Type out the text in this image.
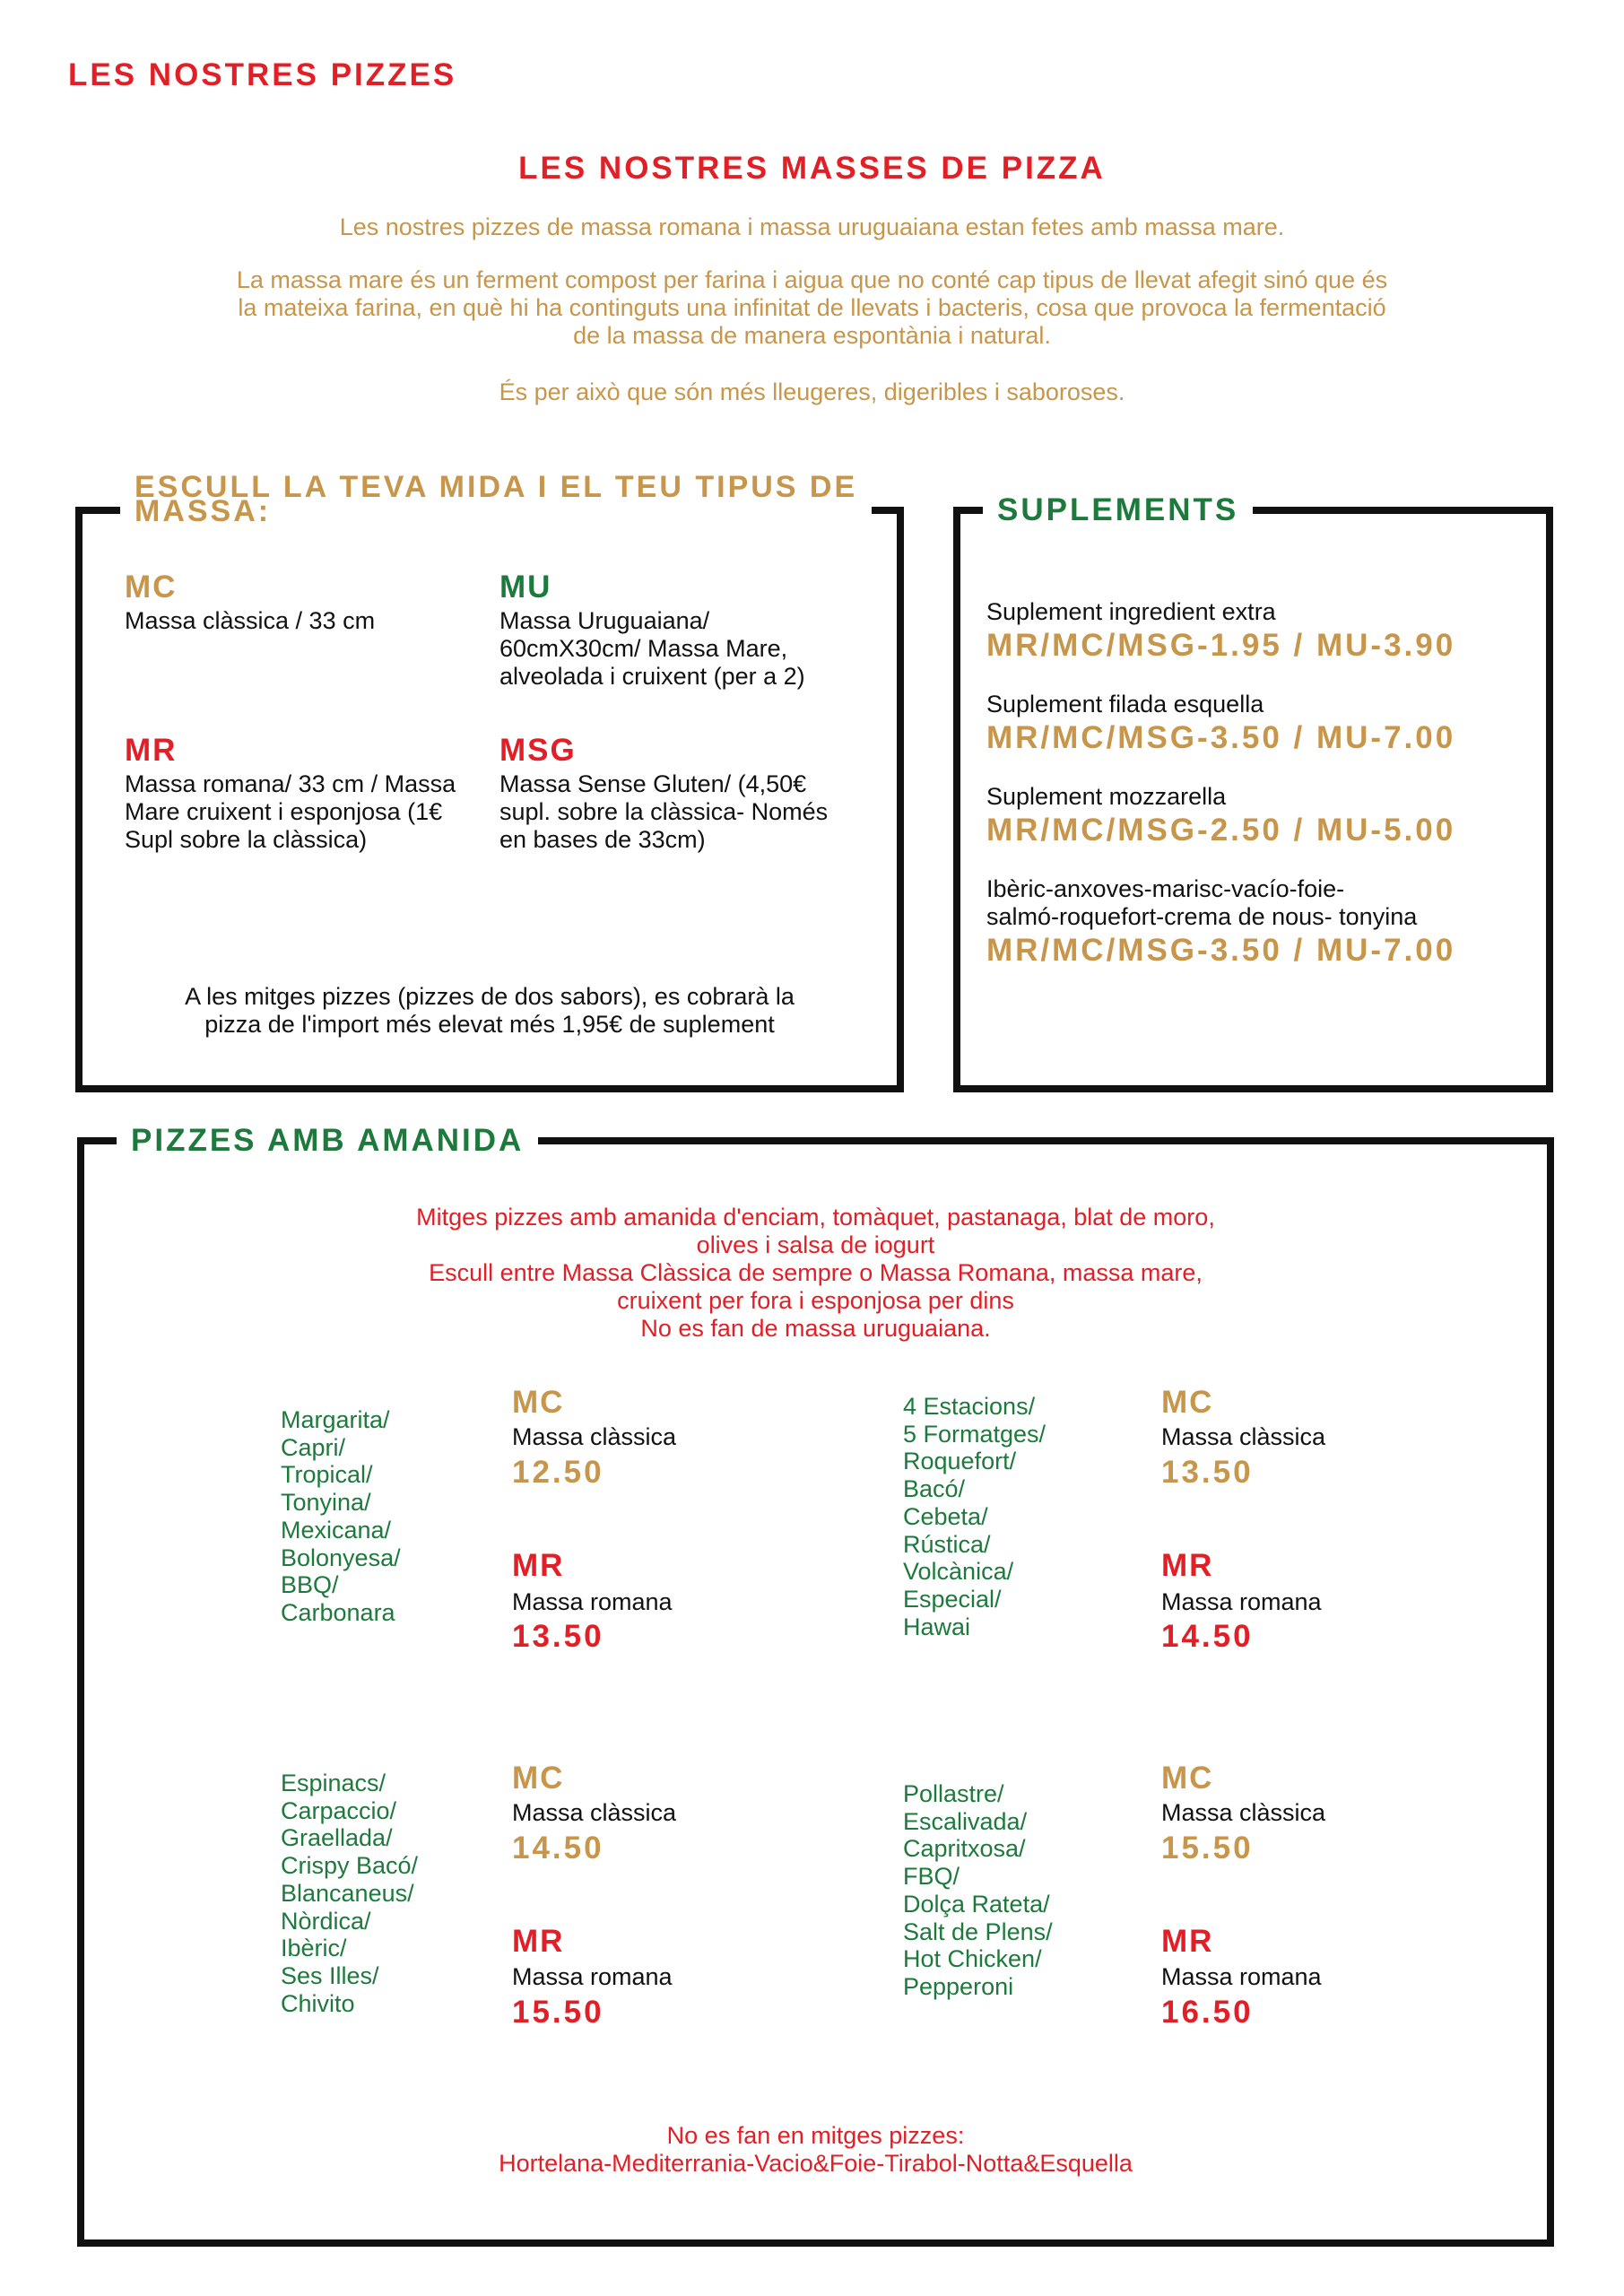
LES NOSTRES PIZZES
LES NOSTRES MASSES DE PIZZA
Les nostres pizzes de massa romana i massa uruguaiana estan fetes amb massa mare.
La massa mare és un ferment compost per farina i aigua que no conté cap tipus de llevat afegit sinó que és
la mateixa farina, en què hi ha continguts una infinitat de llevats i bacteris, cosa que provoca la fermentació
de la massa de manera espontània i natural.
És per això que són més lleugeres, digeribles i saboroses.
ESCULL LA TEVA MIDA I EL TEU TIPUS DE
MASSA:
MC
Massa clàssica / 33 cm
MU
Massa Uruguaiana/
60cmX30cm/ Massa Mare,
alveolada i cruixent (per a 2)
MR
Massa romana/ 33 cm / Massa
Mare cruixent i esponjosa (1€
Supl sobre la clàssica)
MSG
Massa Sense Gluten/ (4,50€
supl. sobre la clàssica- Només
en bases de 33cm)
A les mitges pizzes (pizzes de dos sabors), es cobrarà la
pizza de l'import més elevat més 1,95€ de suplement
SUPLEMENTS
Suplement ingredient extra
MR/MC/MSG-1.95 / MU-3.90
Suplement filada esquella
MR/MC/MSG-3.50 / MU-7.00
Suplement mozzarella
MR/MC/MSG-2.50 / MU-5.00
Ibèric-anxoves-marisc-vacío-foie-
salmó-roquefort-crema de nous- tonyina
MR/MC/MSG-3.50 / MU-7.00
PIZZES AMB AMANIDA
Mitges pizzes amb amanida d'enciam, tomàquet, pastanaga, blat de moro,
olives i salsa de iogurt
Escull entre Massa Clàssica de sempre o Massa Romana, massa mare,
cruixent per fora i esponjosa per dins
No es fan de massa uruguaiana.
Margarita/
Capri/
Tropical/
Tonyina/
Mexicana/
Bolonyesa/
BBQ/
Carbonara
MC
Massa clàssica
12.50
MR
Massa romana
13.50
4 Estacions/
5 Formatges/
Roquefort/
Bacó/
Cebeta/
Rústica/
Volcànica/
Especial/
Hawai
MC
Massa clàssica
13.50
MR
Massa romana
14.50
Espinacs/
Carpaccio/
Graellada/
Crispy Bacó/
Blancaneus/
Nòrdica/
Ibèric/
Ses Illes/
Chivito
MC
Massa clàssica
14.50
MR
Massa romana
15.50
Pollastre/
Escalivada/
Capritxosa/
FBQ/
Dolça Rateta/
Salt de Plens/
Hot Chicken/
Pepperoni
MC
Massa clàssica
15.50
MR
Massa romana
16.50
No es fan en mitges pizzes:
Hortelana-Mediterrania-Vacio&Foie-Tirabol-Notta&Esquella
